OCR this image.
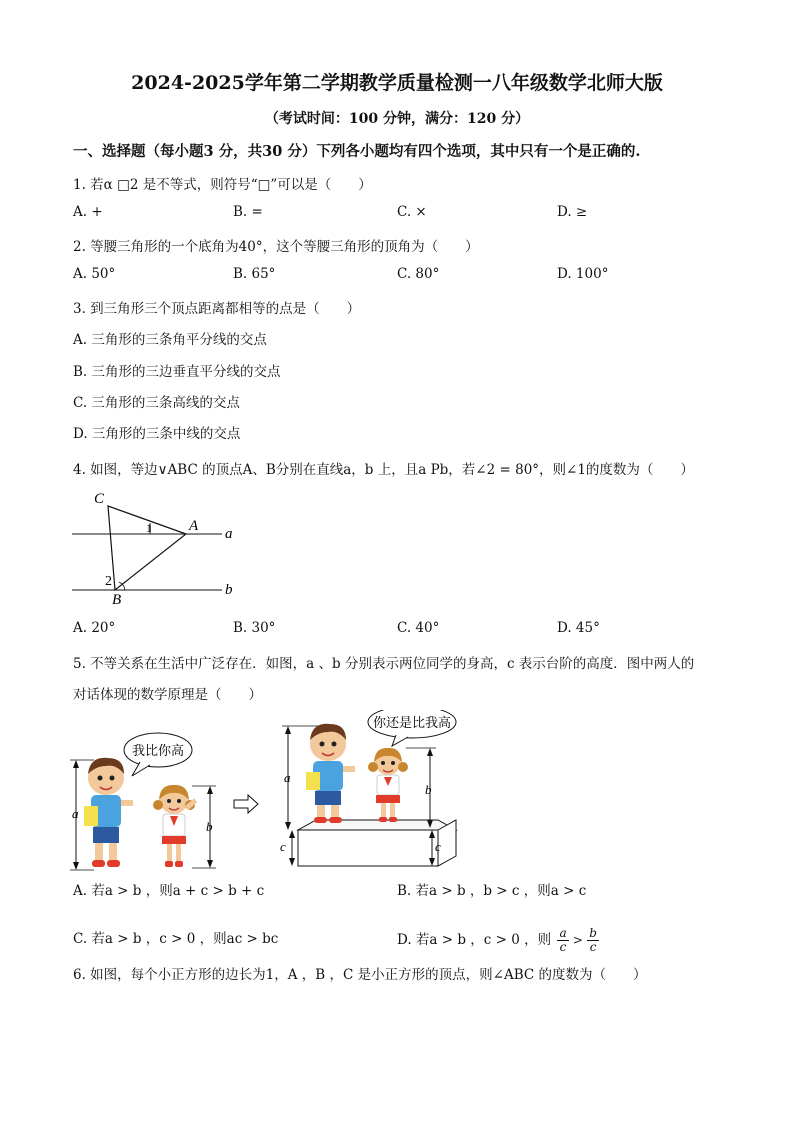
2024-2025学年第二学期教学质量检测一八年级数学北师大版
（考试时间：100 分钟，满分：120 分）
一、选择题（每小题3 分，共30 分）下列各小题均有四个选项，其中只有一个是正确的.
1. 若α □2 是不等式，则符号“□”可以是（　　）
A. +	B. =	C. ×	D. ≥
2. 等腰三角形的一个底角为40°，这个等腰三角形的顶角为（　　）
A. 50°	B. 65°	C. 80°	D. 100°
3. 到三角形三个顶点距离都相等的点是（　　）
A. 三角形的三条角平分线的交点
B. 三角形的三边垂直平分线的交点
C. 三角形的三条高线的交点
D. 三角形的三条中线的交点
4. 如图，等边∨ABC 的顶点A、B分别在直线a，b 上，且a Pb，若∠2 = 80°，则∠1的度数为（　　）
C
A
B
a
b
1
2
A. 20°	B. 30°	C. 40°	D. 45°
5. 不等关系在生活中广泛存在．如图，a 、b 分别表示两位同学的身高，c 表示台阶的高度．图中两人的
对话体现的数学原理是（　　）
a
b
我比你高
a
c	c
b
你还是比我高
A. 若a > b ，则a + c > b + c	B. 若a > b ，b > c ，则a > c
C. 若a > b ，c > 0 ，则ac > bc	D. 若a > b ，c > 0 ，则 $\frac{a}{c} > \frac{b}{c}$
6. 如图，每个小正方形的边长为1，A ，B ，C 是小正方形的顶点，则∠ABC 的度数为（　　）
